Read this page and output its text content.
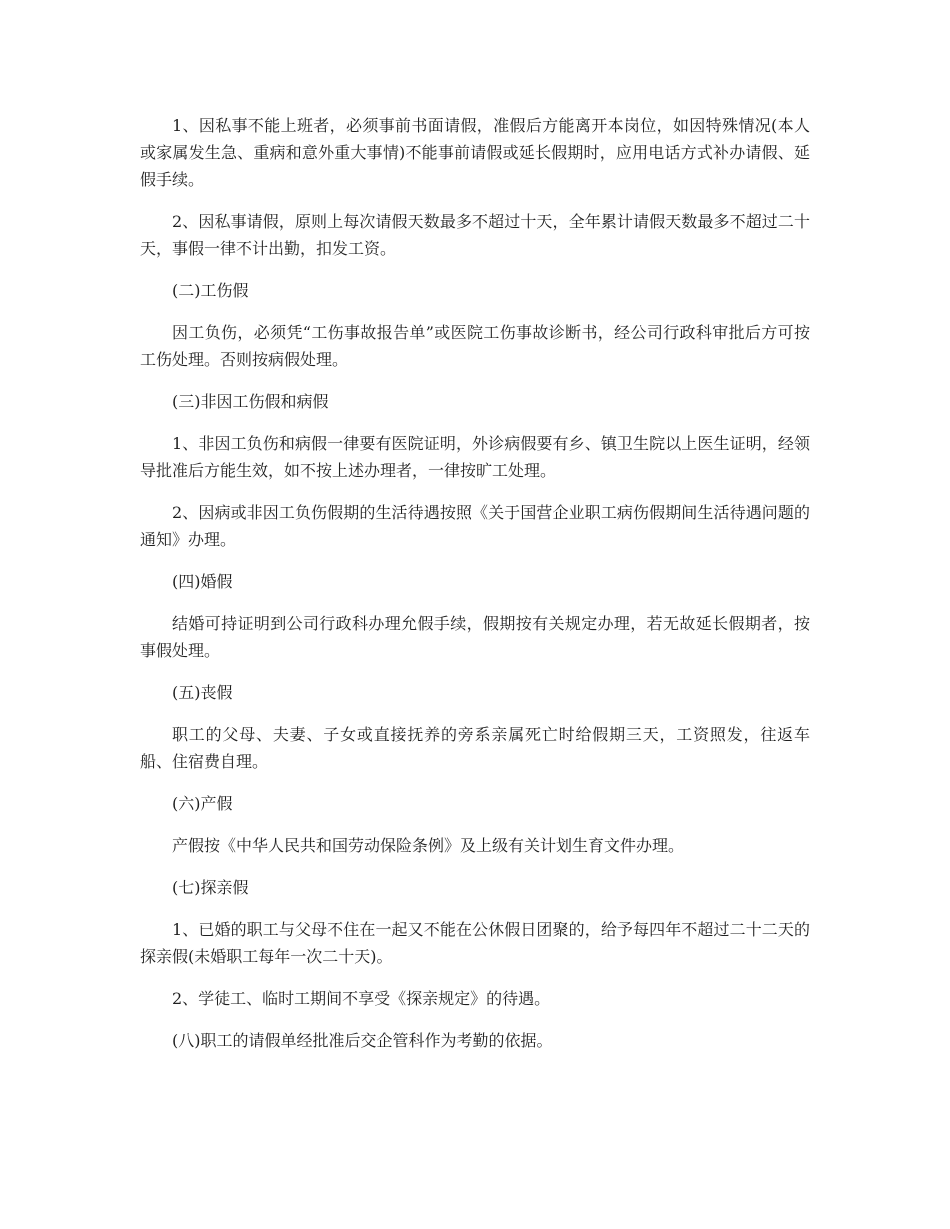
1、因私事不能上班者，必须事前书面请假，准假后方能离开本岗位，如因特殊情况(本人或家属发生急、重病和意外重大事情)不能事前请假或延长假期时，应用电话方式补办请假、延假手续。

2、因私事请假，原则上每次请假天数最多不超过十天，全年累计请假天数最多不超过二十天，事假一律不计出勤，扣发工资。

(二)工伤假

因工负伤，必须凭“工伤事故报告单”或医院工伤事故诊断书，经公司行政科审批后方可按工伤处理。否则按病假处理。

(三)非因工伤假和病假

1、非因工负伤和病假一律要有医院证明，外诊病假要有乡、镇卫生院以上医生证明，经领导批准后方能生效，如不按上述办理者，一律按旷工处理。

2、因病或非因工负伤假期的生活待遇按照《关于国营企业职工病伤假期间生活待遇问题的通知》办理。

(四)婚假

结婚可持证明到公司行政科办理允假手续，假期按有关规定办理，若无故延长假期者，按事假处理。

(五)丧假

职工的父母、夫妻、子女或直接抚养的旁系亲属死亡时给假期三天，工资照发，往返车船、住宿费自理。

(六)产假

产假按《中华人民共和国劳动保险条例》及上级有关计划生育文件办理。

(七)探亲假

1、已婚的职工与父母不住在一起又不能在公休假日团聚的，给予每四年不超过二十二天的探亲假(未婚职工每年一次二十天)。

2、学徒工、临时工期间不享受《探亲规定》的待遇。

(八)职工的请假单经批准后交企管科作为考勤的依据。
